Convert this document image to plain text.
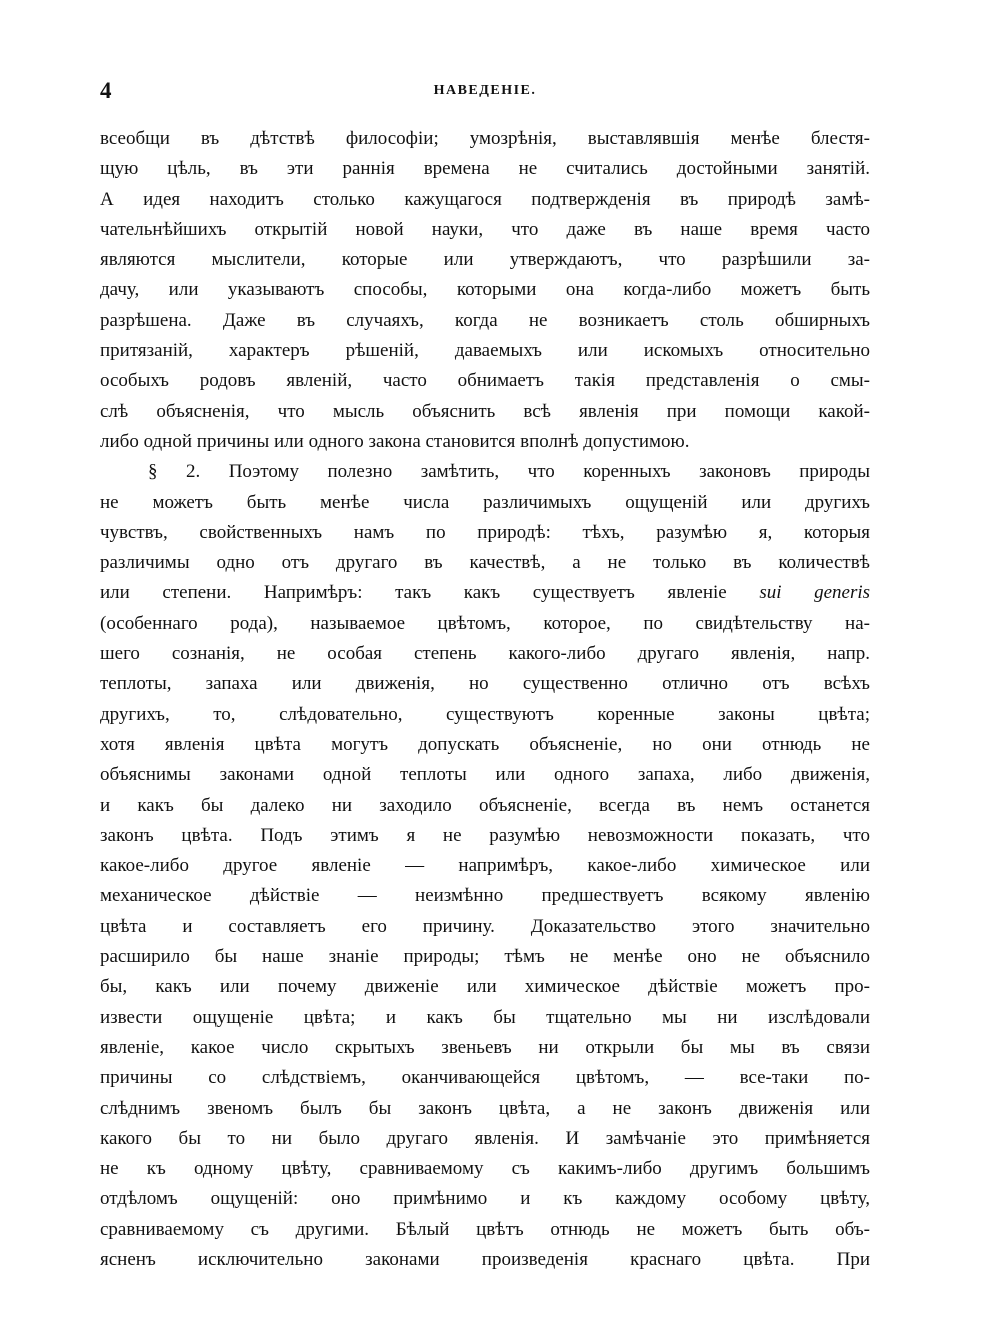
4	НАВЕДЕНІЕ.
всеобщи въ дѣтствѣ философіи; умозрѣнія, выставлявшія менѣе блестя-
щую цѣль, въ эти раннія времена не считались достойными занятій.
А идея находитъ столько кажущагося подтвержденія въ природѣ замѣ-
чательнѣйшихъ открытій новой науки, что даже въ наше время часто
являются мыслители, которые или утверждаютъ, что разрѣшили за-
дачу, или указываютъ способы, которыми она когда-либо можетъ быть
разрѣшена. Даже въ случаяхъ, когда не возникаетъ столь обширныхъ
притязаній, характеръ рѣшеній, даваемыхъ или искомыхъ относительно
особыхъ родовъ явленій, часто обнимаетъ такія представленія о смы-
слѣ объясненія, что мысль объяснить всѣ явленія при помощи какой-
либо одной причины или одного закона становится вполнѣ допустимою.
§ 2. Поэтому полезно замѣтить, что коренныхъ законовъ природы
не можетъ быть менѣе числа различимыхъ ощущеній или другихъ
чувствъ, свойственныхъ намъ по природѣ: тѣхъ, разумѣю я, которыя
различимы одно отъ другаго въ качествѣ, а не только въ количествѣ
или степени. Напримѣръ: такъ какъ существуетъ явленіе sui generis
(особеннаго рода), называемое цвѣтомъ, которое, по свидѣтельству на-
шего сознанія, не особая степень какого-либо другаго явленія, напр.
теплоты, запаха или движенія, но существенно отлично отъ всѣхъ
другихъ, то, слѣдовательно, существуютъ коренные законы цвѣта;
хотя явленія цвѣта могутъ допускать объясненіе, но они отнюдь не
объяснимы законами одной теплоты или одного запаха, либо движенія,
и какъ бы далеко ни заходило объясненіе, всегда въ немъ останется
законъ цвѣта. Подъ этимъ я не разумѣю невозможности показать, что
какое-либо другое явленіе — напримѣръ, какое-либо химическое или
механическое дѣйствіе — неизмѣнно предшествуетъ всякому явленію
цвѣта и составляетъ его причину. Доказательство этого значительно
расширило бы наше знаніе природы; тѣмъ не менѣе оно не объяснило
бы, какъ или почему движеніе или химическое дѣйствіе можетъ про-
извести ощущеніе цвѣта; и какъ бы тщательно мы ни изслѣдовали
явленіе, какое число скрытыхъ звеньевъ ни открыли бы мы въ связи
причины со слѣдствіемъ, оканчивающейся цвѣтомъ, — все-таки по-
слѣднимъ звеномъ былъ бы законъ цвѣта, а не законъ движенія или
какого бы то ни было другаго явленія. И замѣчаніе это примѣняется
не къ одному цвѣту, сравниваемому съ какимъ-либо другимъ большимъ
отдѣломъ ощущеній: оно примѣнимо и къ каждому особому цвѣту,
сравниваемому съ другими. Бѣлый цвѣтъ отнюдь не можетъ быть объ-
ясненъ исключительно законами произведенія краснаго цвѣта. При
